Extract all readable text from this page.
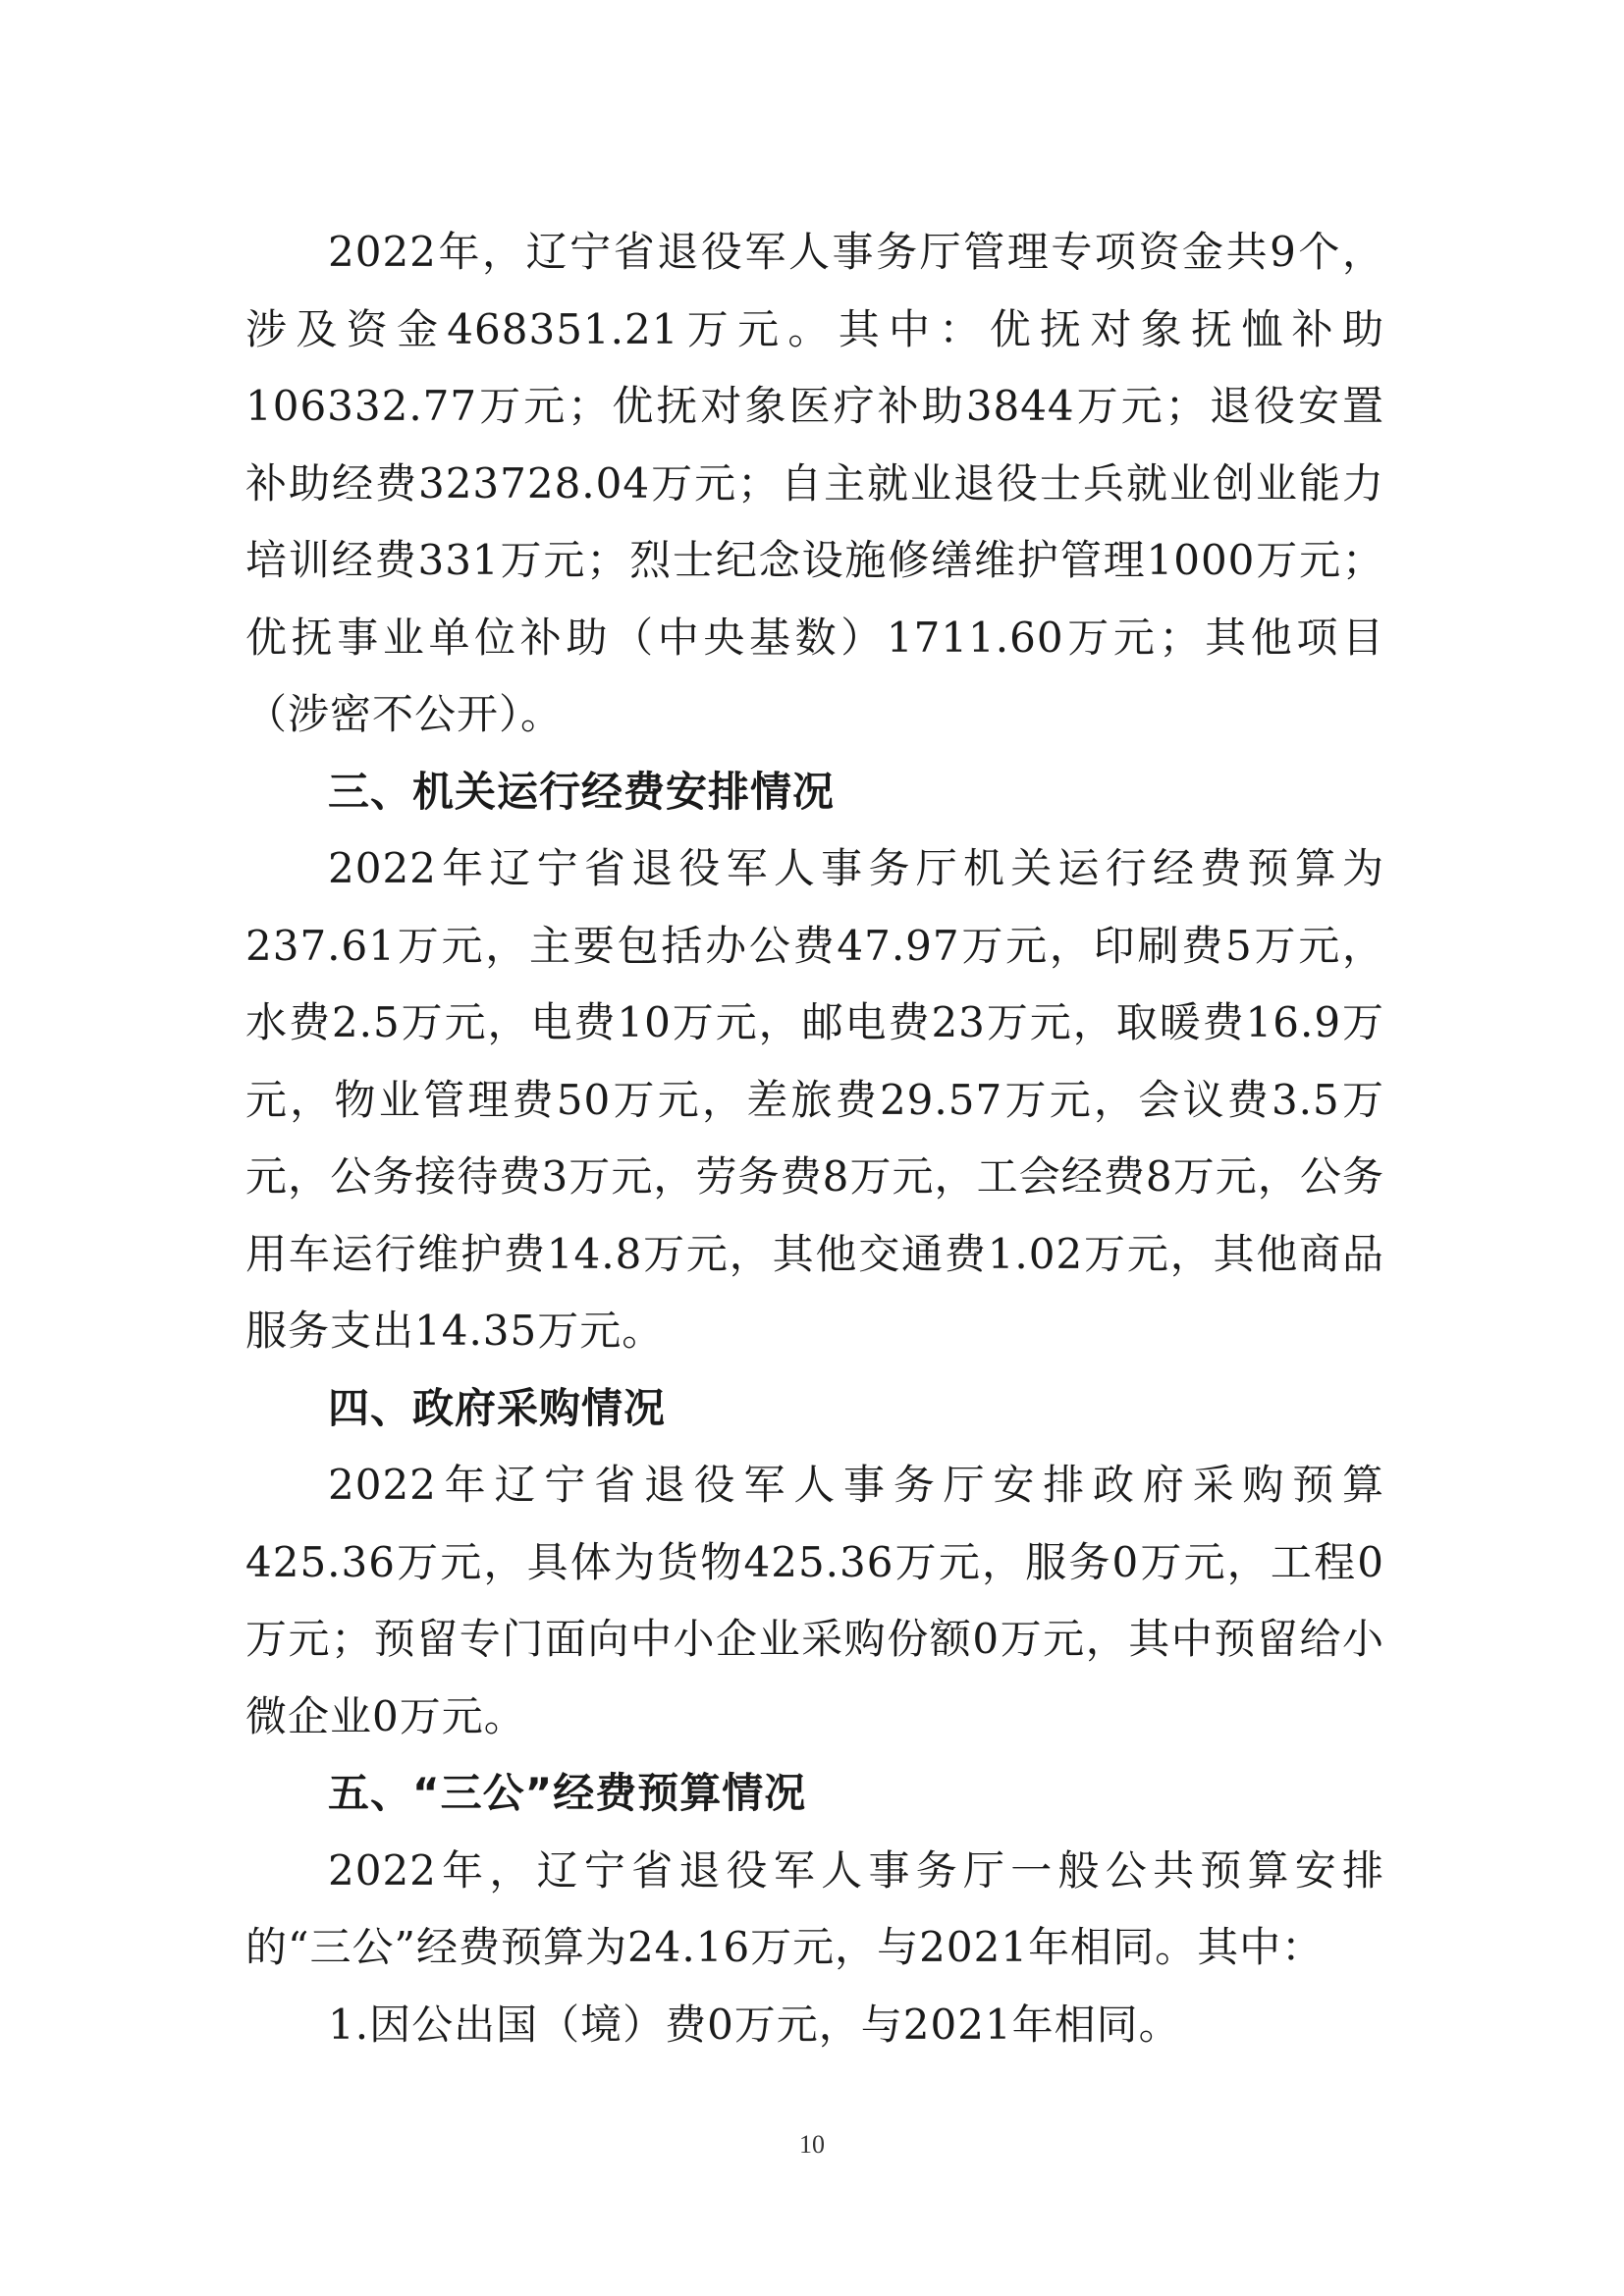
2022年，辽宁省退役军人事务厅管理专项资金共9个，涉及资金468351.21万元。其中：优抚对象抚恤补助106332.77万元；优抚对象医疗补助3844万元；退役安置补助经费323728.04万元；自主就业退役士兵就业创业能力培训经费331万元；烈士纪念设施修缮维护管理1000万元；优抚事业单位补助（中央基数）1711.60万元；其他项目（涉密不公开）。

三、机关运行经费安排情况

2022年辽宁省退役军人事务厅机关运行经费预算为237.61万元，主要包括办公费47.97万元，印刷费5万元，水费2.5万元，电费10万元，邮电费23万元，取暖费16.9万元，物业管理费50万元，差旅费29.57万元，会议费3.5万元，公务接待费3万元，劳务费8万元，工会经费8万元，公务用车运行维护费14.8万元，其他交通费1.02万元，其他商品服务支出14.35万元。

四、政府采购情况

2022年辽宁省退役军人事务厅安排政府采购预算425.36万元，具体为货物425.36万元，服务0万元，工程0万元；预留专门面向中小企业采购份额0万元，其中预留给小微企业0万元。

五、“三公”经费预算情况

2022年，辽宁省退役军人事务厅一般公共预算安排的“三公”经费预算为24.16万元，与2021年相同。其中：

1.因公出国（境）费0万元，与2021年相同。

10
